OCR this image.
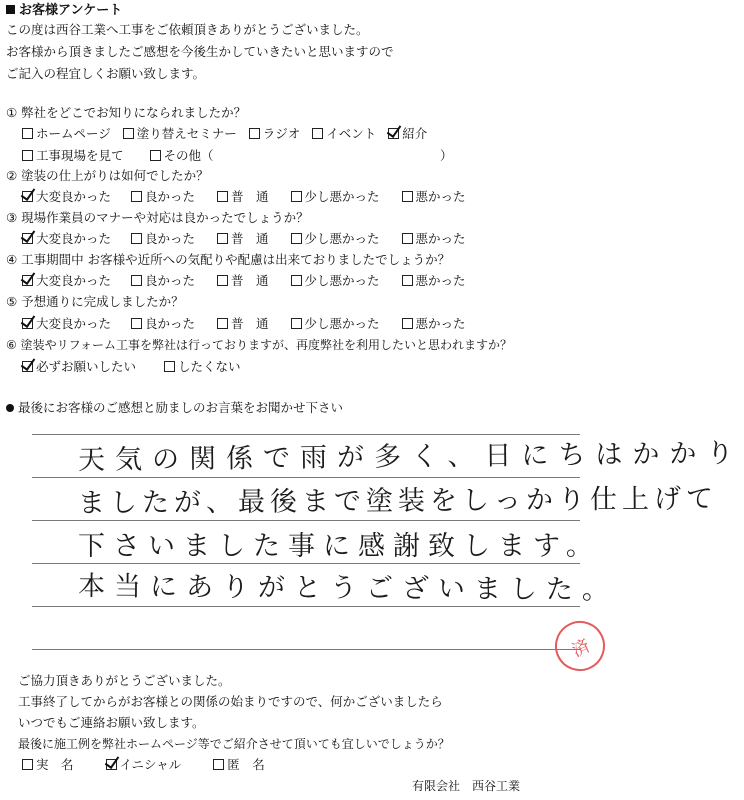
お客様アンケート
この度は西谷工業へ工事をご依頼頂きありがとうございました。
お客様から頂きましたご感想を今後生かしていきたいと思いますので
ご記入の程宜しくお願い致します。
① 弊社をどこでお知りになられましたか？
ホームページ 塗り替えセミナー ラジオ イベント 紹介
工事現場を見て	その他（	）
② 塗装の仕上がりは如何でしたか？
大変良かった	良かった	普　通	少し悪かった	悪かった
③ 現場作業員のマナーや対応は良かったでしょうか？
大変良かった	良かった	普　通	少し悪かった	悪かった
④ 工事期間中 お客様や近所への気配りや配慮は出来ておりましたでしょうか？
大変良かった	良かった	普　通	少し悪かった	悪かった
⑤ 予想通りに完成しましたか？
大変良かった	良かった	普　通	少し悪かった	悪かった
⑥ 塗装やリフォーム工事を弊社は行っておりますが、再度弊社を利用したいと思われますか？
必ずお願いしたい	したくない
最後にお客様のご感想と励ましのお言葉をお聞かせ下さい
天気の関係で雨が多く、日にちはかかり
ましたが、最後まで塗装をしっかり仕上げて
下さいました事に感謝致します。
本当にありがとうございました。
済
ご協力頂きありがとうございました。
工事終了してからがお客様との関係の始まりですので、何かございましたら
いつでもご連絡お願い致します。
最後に施工例を弊社ホームページ等でご紹介させて頂いても宜しいでしょうか？
実　名	イニシャル	匿　名
有限会社　西谷工業
